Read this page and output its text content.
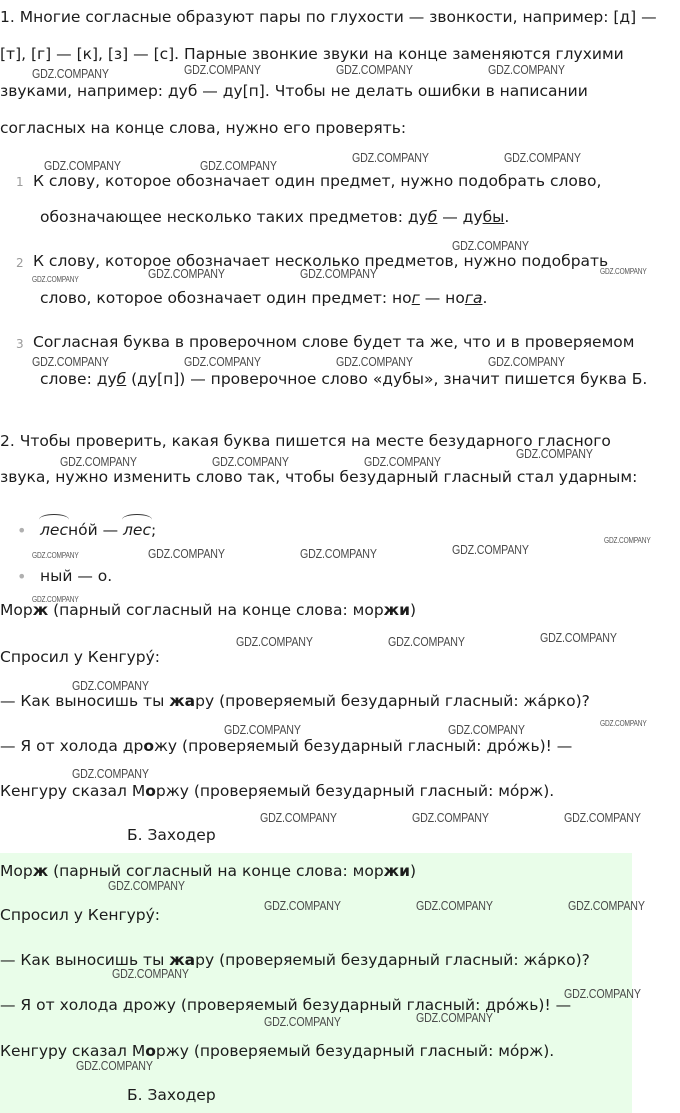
1. Многие согласные образуют пары по глухости — звонкости, например: [д] —
[т], [г] — [к], [з] — [с]. Парные звонкие звуки на конце заменяются глухими
звуками, например: дуб — ду[п]. Чтобы не делать ошибки в написании
согласных на конце слова, нужно его проверять:
1 К слову, которое обозначает один предмет, нужно подобрать слово,
обозначающее несколько таких предметов: дуб — дубы.
2 К слову, которое обозначает несколько предметов, нужно подобрать
слово, которое обозначает один предмет: ног — нога.
3 Согласная буква в проверочном слове будет та же, что и в проверяемом
слове: дуб (ду[п]) — проверочное слово «дубы», значит пишется буква Б.
2. Чтобы проверить, какая буква пишется на месте безударного гласного
звука, нужно изменить слово так, чтобы безударный гласный стал ударным:
• лесно́й — лес;
• ный — о.
Морж (парный согласный на конце слова: моржи)
Спросил у Кенгуру́:
— Как выносишь ты жару (проверяемый безударный гласный: жа́рко)?
— Я от холода дрожу (проверяемый безударный гласный: дро́жь)! —
Кенгуру сказал Моржу (проверяемый безударный гласный: мо́рж).
Б. Заходер
Морж (парный согласный на конце слова: моржи)
Спросил у Кенгуру́:
— Как выносишь ты жару (проверяемый безударный гласный: жа́рко)?
— Я от холода дрожу (проверяемый безударный гласный: дро́жь)! —
Кенгуру сказал Моржу (проверяемый безударный гласный: мо́рж).
Б. Заходер
GDZ.COMPANY	GDZ.COMPANY	GDZ.COMPANY	GDZ.COMPANY
GDZ.COMPANY	GDZ.COMPANY
GDZ.COMPANY	GDZ.COMPANY
GDZ.COMPANY
GDZ.COMPANY	GDZ.COMPANY	GDZ.COMPANY	GDZ.COMPANY
GDZ.COMPANY	GDZ.COMPANY	GDZ.COMPANY	GDZ.COMPANY
GDZ.COMPANY	GDZ.COMPANY	GDZ.COMPANY
GDZ.COMPANY
GDZ.COMPANY
GDZ.COMPANY	GDZ.COMPANY	GDZ.COMPANY	GDZ.COMPANY
GDZ.COMPANY
GDZ.COMPANY	GDZ.COMPANY	GDZ.COMPANY
GDZ.COMPANY
GDZ.COMPANY	GDZ.COMPANY	GDZ.COMPANY
GDZ.COMPANY
GDZ.COMPANY	GDZ.COMPANY	GDZ.COMPANY
GDZ.COMPANY
GDZ.COMPANY	GDZ.COMPANY	GDZ.COMPANY
GDZ.COMPANY
GDZ.COMPANY
GDZ.COMPANY	GDZ.COMPANY
GDZ.COMPANY
